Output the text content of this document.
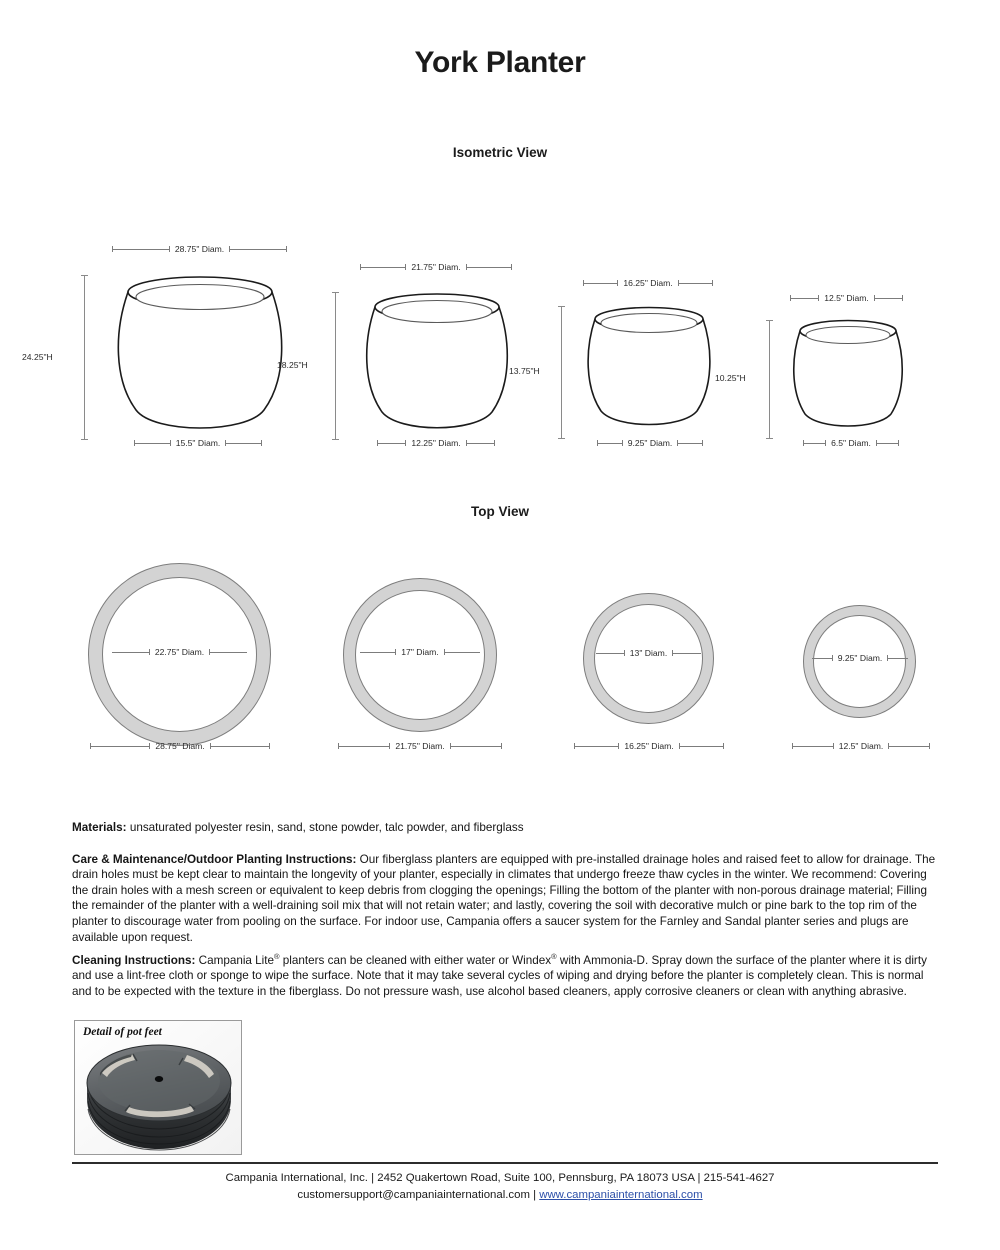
York Planter
Isometric View
28.75" Diam.
24.25"H
15.5" Diam.
21.75" Diam.
18.25"H
12.25" Diam.
16.25" Diam.
13.75"H
9.25" Diam.
12.5" Diam.
10.25"H
6.5" Diam.
Top View
22.75" Diam.
28.75" Diam.
17" Diam.
21.75" Diam.
13" Diam.
16.25" Diam.
9.25" Diam.
12.5" Diam.

Materials: unsaturated polyester resin, sand, stone powder, talc powder, and fiberglass

Care & Maintenance/Outdoor Planting Instructions: Our fiberglass planters are equipped with pre-installed drainage holes and raised feet to allow for drainage. The drain holes must be kept clear to maintain the longevity of your planter, especially in climates that undergo freeze thaw cycles in the winter. We recommend: Covering the drain holes with a mesh screen or equivalent to keep debris from clogging the openings; Filling the bottom of the planter with non-porous drainage material; Filling the remainder of the planter with a well-draining soil mix that will not retain water; and lastly, covering the soil with decorative mulch or pine bark to the top rim of the planter to discourage water from pooling on the surface. For indoor use, Campania offers a saucer system for the Farnley and Sandal planter series and plugs are available upon request.

Cleaning Instructions: Campania Lite® planters can be cleaned with either water or Windex® with Ammonia-D. Spray down the surface of the planter where it is dirty and use a lint-free cloth or sponge to wipe the surface. Note that it may take several cycles of wiping and drying before the planter is completely clean. This is normal and to be expected with the texture in the fiberglass. Do not pressure wash, use alcohol based cleaners, apply corrosive cleaners or clean with anything abrasive.

Detail of pot feet
Campania International, Inc. | 2452 Quakertown Road, Suite 100, Pennsburg, PA 18073 USA | 215-541-4627
customersupport@campaniainternational.com | www.campaniainternational.com
